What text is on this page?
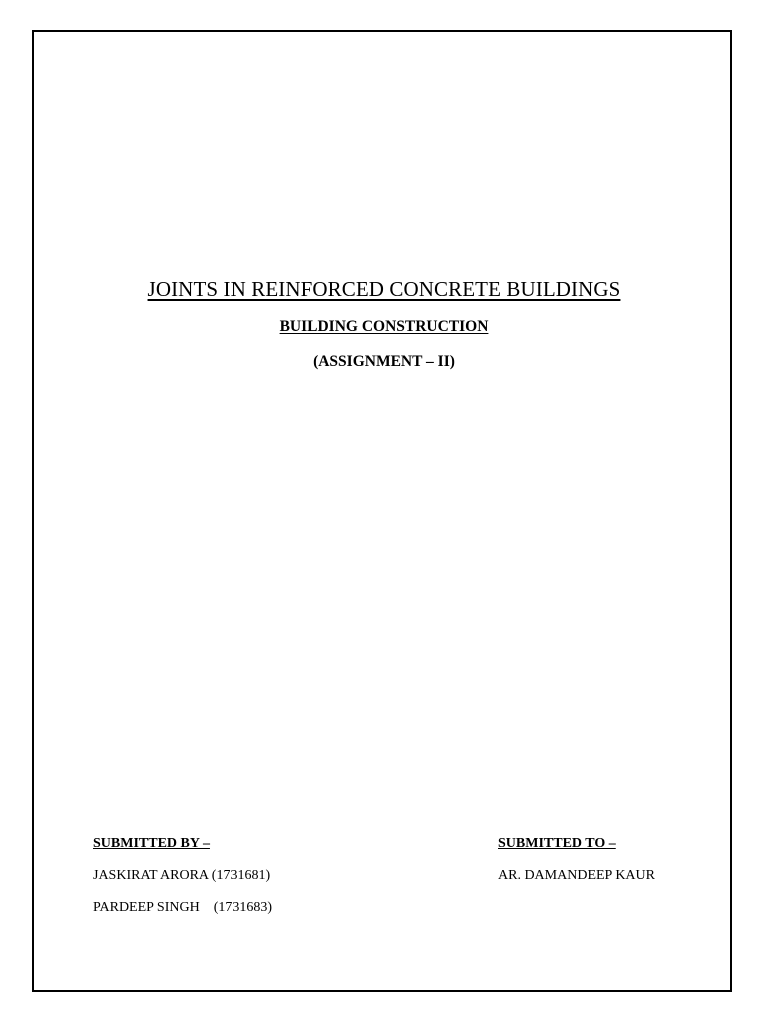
JOINTS IN REINFORCED CONCRETE BUILDINGS
BUILDING CONSTRUCTION
(ASSIGNMENT – II)
SUBMITTED BY –
JASKIRAT ARORA (1731681)
PARDEEP SINGH (1731683)
SUBMITTED TO –
AR. DAMANDEEP KAUR
